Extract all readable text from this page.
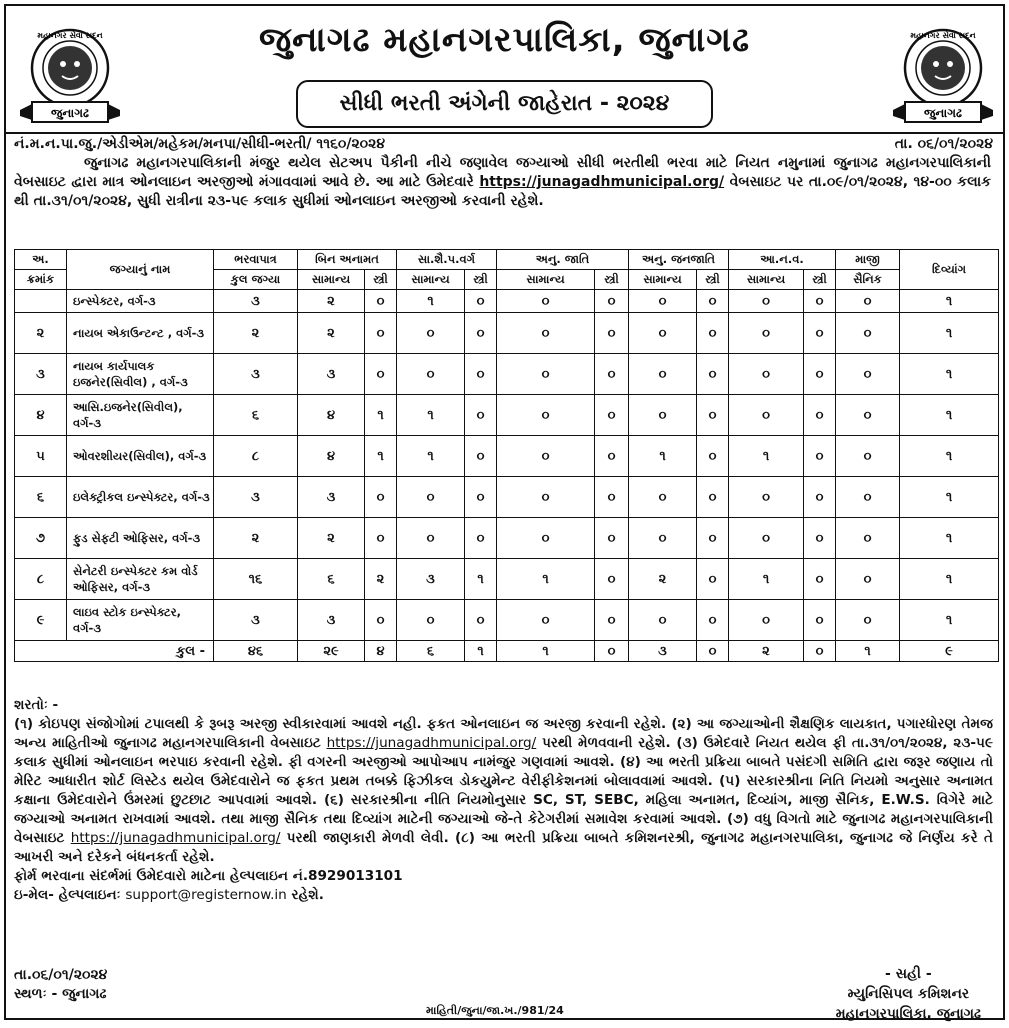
જુનાગઢ
મહાનગર સેવા સદન	જુનાગઢ મહાનગરપાલિકા, જુનાગઢ
સીધી ભરતી અંગેની જાહેરાત - ૨૦૨૪	જુનાગઢ
મહાનગર સેવા સદન
નં.મ.ન.પા.જુ./એડીએમ/મહેકમ/મનપા/સીધી-ભરતી/ ૧૧૬૦/૨૦૨૪	તા. ૦૬/૦૧/૨૦૨૪

જુનાગઢ મહાનગરપાલિકાની મંજુર થયેલ સેટઅપ પૈકીની નીચે જણાવેલ જગ્યાઓ સીધી ભરતીથી ભરવા માટે નિયત નમુનામાં જુનાગઢ મહાનગરપાલિકાની વેબસાઇટ દ્વારા માત્ર ઓનલાઇન અરજીઓ મંગાવવામાં આવે છે. આ માટે ઉમેદવારે https://junagadhmunicipal.org/ વેબસાઇટ પર તા.૦૯/૦૧/૨૦૨૪, ૧૪-૦૦ કલાક થી તા.૩૧/૦૧/૨૦૨૪, સુધી રાત્રીના ૨૩-૫૯ કલાક સુધીમાં ઓનલાઇન અરજીઓ કરવાની રહેશે.

અ.	જગ્યાનું નામ	ભરવાપાત્ર	બિન અનામત		સા.શૈ.પ.વર્ગ		અનુ. જાતિ		અનુ. જનજાતિ		આ.ન.વ.		માજી	દિવ્યાંગ
ક્રમાંક		કુલ જગ્યા	સામાન્ય	સ્ત્રી	સામાન્ય	સ્ત્રી	સામાન્ય	સ્ત્રી	સામાન્ય	સ્ત્રી	સામાન્ય	સ્ત્રી	સૈનિક	
	ઇન્સ્પેક્ટર, વર્ગ-૩	૩	૨	૦	૧	૦	૦	૦	૦	૦	૦	૦	૦	૧
૨	નાયબ એકાઉન્ટન્ટ , વર્ગ-૩	૨	૨	૦	૦	૦	૦	૦	૦	૦	૦	૦	૦	૧
૩	નાયબ કાર્યપાલક ઇજનેર(સિવીલ) , વર્ગ-૩	૩	૩	૦	૦	૦	૦	૦	૦	૦	૦	૦	૦	૧
૪	આસિ.ઇજનેર(સિવીલ), વર્ગ-૩	૬	૪	૧	૧	૦	૦	૦	૦	૦	૦	૦	૦	૧
૫	ઓવરશીયર(સિવીલ), વર્ગ-૩	૮	૪	૧	૧	૦	૦	૦	૧	૦	૧	૦	૦	૧
૬	ઇલેક્ટ્રીકલ ઇન્સ્પેક્ટર, વર્ગ-૩	૩	૩	૦	૦	૦	૦	૦	૦	૦	૦	૦	૦	૧
૭	ફુડ સેફટી ઓફિસર, વર્ગ-૩	૨	૨	૦	૦	૦	૦	૦	૦	૦	૦	૦	૦	૧
૮	સેનેટરી ઇન્સ્પેક્ટર કમ વોર્ડ ઓફિસર, વર્ગ-૩	૧૬	૬	૨	૩	૧	૧	૦	૨	૦	૧	૦	૦	૧
૯	લાઇવ સ્ટોક ઇન્સ્પેક્ટર, વર્ગ-૩	૩	૩	૦	૦	૦	૦	૦	૦	૦	૦	૦	૦	૧
કુલ -		૪૬	૨૯	૪	૬	૧	૧	૦	૩	૦	૨	૦	૧	૯

શરતોઃ -

(૧) કોઇપણ સંજોગોમાં ટપાલથી કે રૂબરૂ અરજી સ્વીકારવામાં આવશે નહી. ફકત ઓનલાઇન જ અરજી કરવાની રહેશે. (૨) આ જગ્યાઓની શૈક્ષણિક લાયકાત, પગારધોરણ તેમજ અન્ય માહિતીઓ જુનાગઢ મહાનગરપાલિકાની વેબસાઇટ https://junagadhmunicipal.org/ પરથી મેળવવાની રહેશે. (૩) ઉમેદવારે નિયત થયેલ ફી તા.૩૧/૦૧/૨૦૨૪, ૨૩-૫૯ કલાક સુધીમાં ઓનલાઇન ભરપાઇ કરવાની રહેશે. ફી વગરની અરજીઓ આપોઆપ નામંજુર ગણવામાં આવશે. (૪) આ ભરતી પ્રક્રિયા બાબતે પસંદગી સમિતિ દ્વારા જરૂર જણાય તો મેરિટ આધારીત શોર્ટ લિસ્ટેડ થયેલ ઉમેદવારોને જ ફકત પ્રથમ તબક્કે ફિઝીકલ ડોકયુમેન્ટ વેરીફીકેશનમાં બોલાવવામાં આવશે. (૫) સરકારશ્રીના નિતિ નિયમો અનુસાર અનામત કક્ષાના ઉમેદવારોને ઉંમરમાં છુટછાટ આપવામાં આવશે. (૬) સરકારશ્રીના નીતિ નિયમોનુસાર SC, ST, SEBC, મહિલા અનામત, દિવ્યાંગ, માજી સૈનિક, E.W.S. વિગેરે માટે જગ્યાઓ અનામત રાખવામાં આવશે. તથા માજી સૈનિક તથા દિવ્યાંગ માટેની જગ્યાઓ જે-તે કેટેગરીમાં સમાવેશ કરવામાં આવશે. (૭) વધુ વિગતો માટે જુનાગઢ મહાનગરપાલિકાની વેબસાઇટ https://junagadhmunicipal.org/ પરથી જાણકારી મેળવી લેવી. (૮) આ ભરતી પ્રક્રિયા બાબતે કમિશનરશ્રી, જુનાગઢ મહાનગરપાલિકા, જુનાગઢ જે નિર્ણય કરે તે આખરી અને દરેકને બંધનકર્તા રહેશે.

ફોર્મ ભરવાના સંદર્ભમાં ઉમેદવારો માટેના હેલ્પલાઇન નં.8929013101

ઇ-મેલ- હેલ્પલાઇનઃ support@registernow.in રહેશે.

તા.૦૬/૦૧/૨૦૨૪
સ્થળઃ - જુનાગઢ
માહિતી/જુના/જા.ખ./981/24
- સહી -
મ્યુનિસિપલ કમિશનર
મહાનગરપાલિકા, જુનાગઢ
